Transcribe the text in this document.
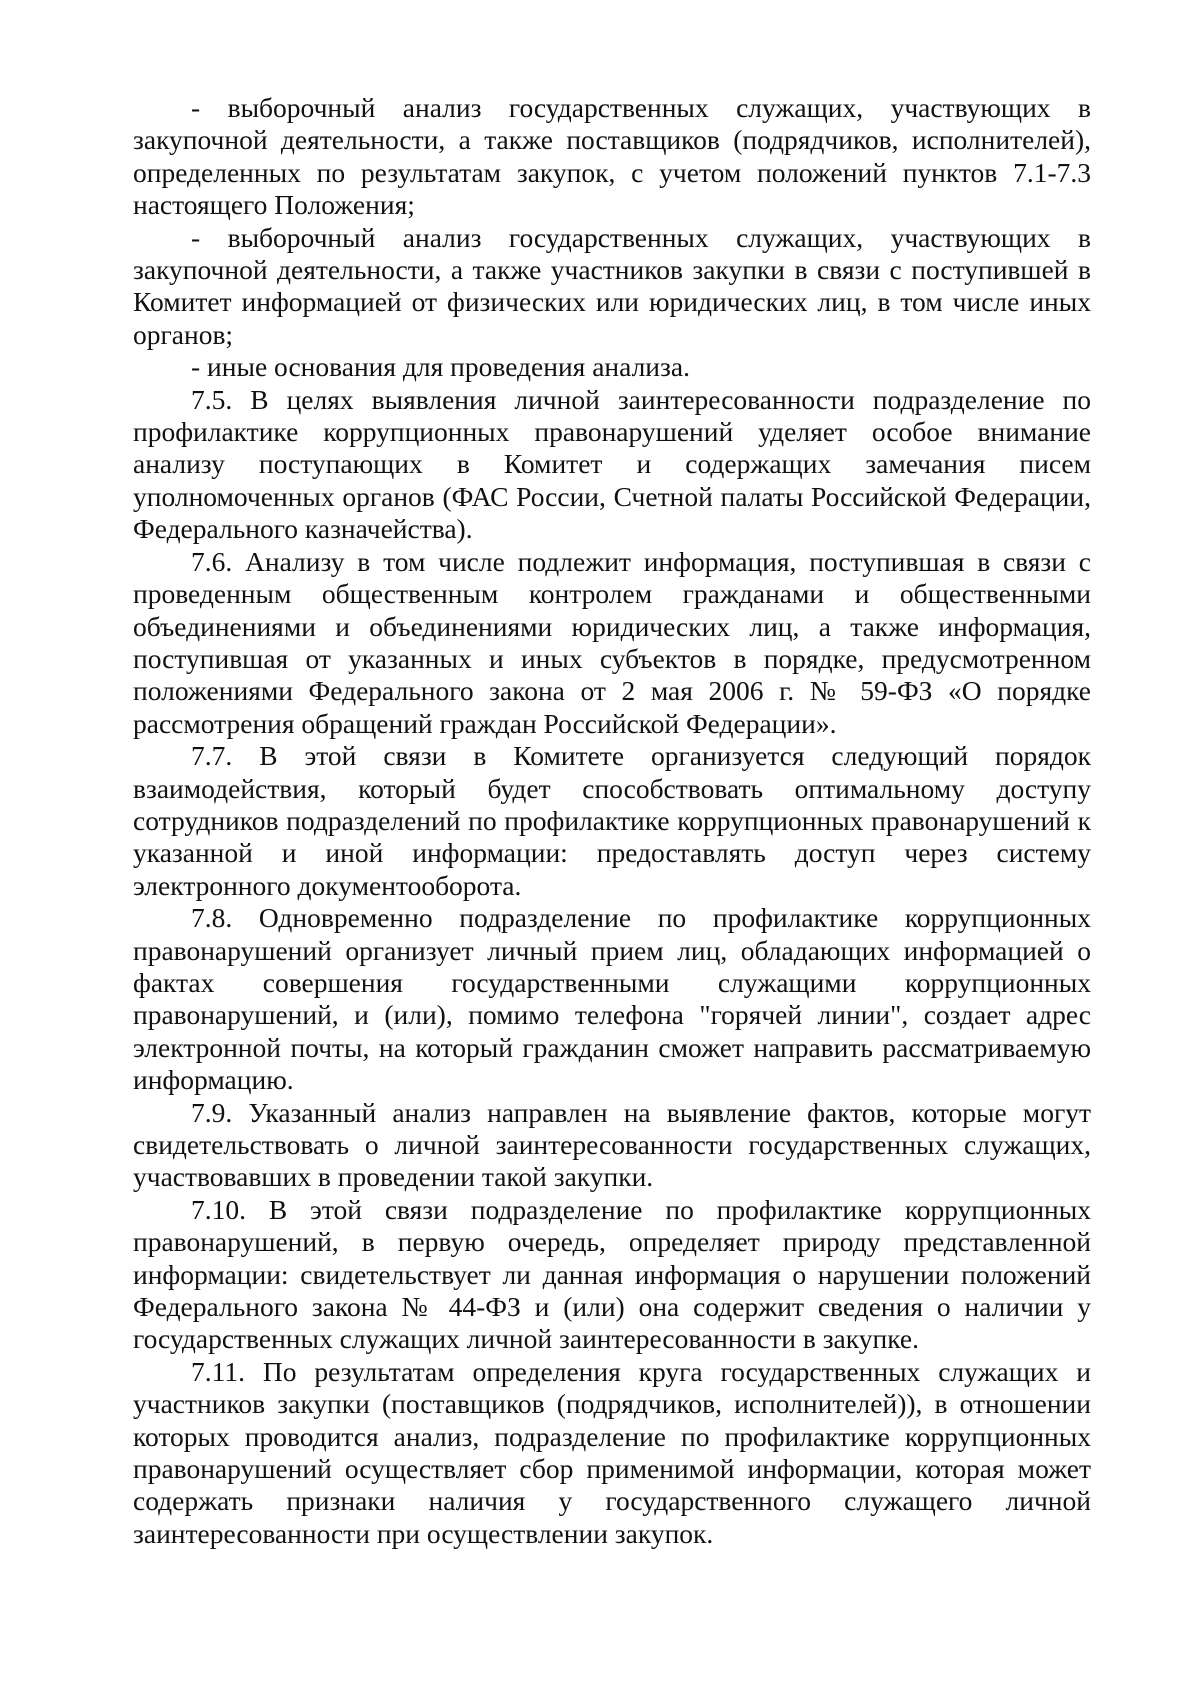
- выборочный анализ государственных служащих, участвующих в закупочной деятельности, а также поставщиков (подрядчиков, исполнителей), определенных по результатам закупок, с учетом положений пунктов 7.1-7.3 настоящего Положения;

- выборочный анализ государственных служащих, участвующих в закупочной деятельности, а также участников закупки в связи с поступившей в Комитет информацией от физических или юридических лиц, в том числе иных органов;

- иные основания для проведения анализа.

7.5. В целях выявления личной заинтересованности подразделение по профилактике коррупционных правонарушений уделяет особое внимание анализу поступающих в Комитет и содержащих замечания писем уполномоченных органов (ФАС России, Счетной палаты Российской Федерации, Федерального казначейства).

7.6. Анализу в том числе подлежит информация, поступившая в связи с проведенным общественным контролем гражданами и общественными объединениями и объединениями юридических лиц, а также информация, поступившая от указанных и иных субъектов в порядке, предусмотренном положениями Федерального закона от 2 мая 2006 г. № 59-ФЗ «О порядке рассмотрения обращений граждан Российской Федерации».

7.7. В этой связи в Комитете организуется следующий порядок взаимодействия, который будет способствовать оптимальному доступу сотрудников подразделений по профилактике коррупционных правонарушений к указанной и иной информации: предоставлять доступ через систему электронного документооборота.

7.8. Одновременно подразделение по профилактике коррупционных правонарушений организует личный прием лиц, обладающих информацией о фактах совершения государственными служащими коррупционных правонарушений, и (или), помимо телефона "горячей линии", создает адрес электронной почты, на который гражданин сможет направить рассматриваемую информацию.

7.9. Указанный анализ направлен на выявление фактов, которые могут свидетельствовать о личной заинтересованности государственных служащих, участвовавших в проведении такой закупки.

7.10. В этой связи подразделение по профилактике коррупционных правонарушений, в первую очередь, определяет природу представленной информации: свидетельствует ли данная информация о нарушении положений Федерального закона № 44-ФЗ и (или) она содержит сведения о наличии у государственных служащих личной заинтересованности в закупке.

7.11. По результатам определения круга государственных служащих и участников закупки (поставщиков (подрядчиков, исполнителей)), в отношении которых проводится анализ, подразделение по профилактике коррупционных правонарушений осуществляет сбор применимой информации, которая может содержать признаки наличия у государственного служащего личной заинтересованности при осуществлении закупок.
